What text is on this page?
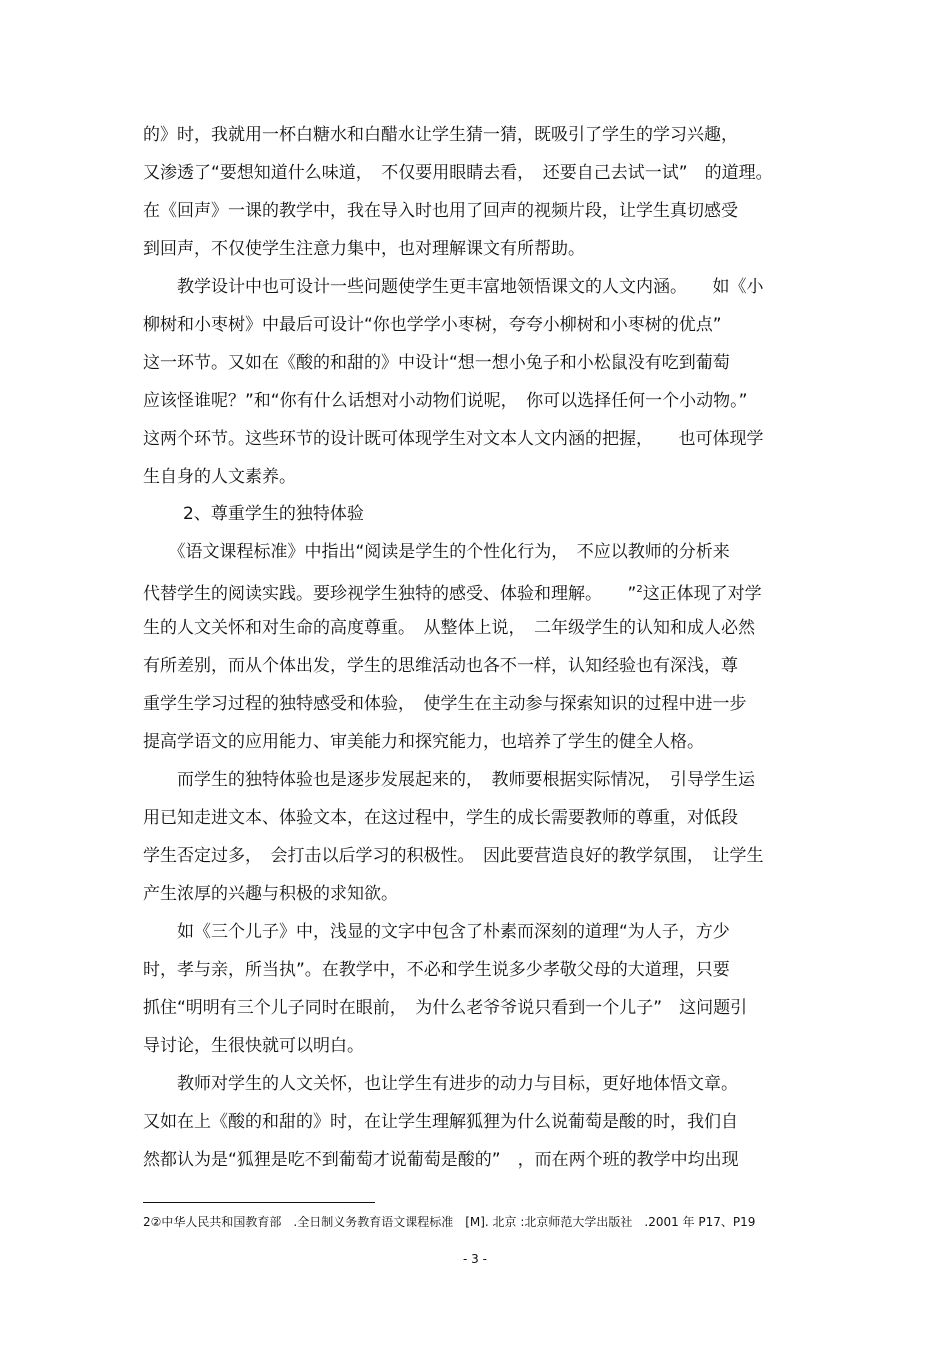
的》时，我就用一杯白糖水和白醋水让学生猜一猜，既吸引了学生的学习兴趣，
又渗透了“要想知道什么味道，　不仅要用眼睛去看，　还要自己去试一试”　的道理。
在《回声》一课的教学中，我在导入时也用了回声的视频片段，让学生真切感受
到回声，不仅使学生注意力集中，也对理解课文有所帮助。
　　教学设计中也可设计一些问题使学生更丰富地领悟课文的人文内涵。　　如《小
柳树和小枣树》中最后可设计“你也学学小枣树，夸夸小柳树和小枣树的优点”
这一环节。又如在《酸的和甜的》中设计“想一想小兔子和小松鼠没有吃到葡萄
应该怪谁呢？”和“你有什么话想对小动物们说呢，　你可以选择任何一个小动物。”
这两个环节。这些环节的设计既可体现学生对文本人文内涵的把握，　　也可体现学
生自身的人文素养。
2、尊重学生的独特体验
　　《语文课程标准》中指出“阅读是学生的个性化行为，　不应以教师的分析来
代替学生的阅读实践。要珍视学生独特的感受、体验和理解。　　”$^2$这正体现了对学
生的人文关怀和对生命的高度尊重。　从整体上说，　二年级学生的认知和成人必然
有所差别，而从个体出发，学生的思维活动也各不一样，认知经验也有深浅，尊
重学生学习过程的独特感受和体验，　使学生在主动参与探索知识的过程中进一步
提高学语文的应用能力、审美能力和探究能力，也培养了学生的健全人格。
　　而学生的独特体验也是逐步发展起来的，　教师要根据实际情况，　引导学生运
用已知走进文本、体验文本，在这过程中，学生的成长需要教师的尊重，对低段
学生否定过多，　会打击以后学习的积极性。　因此要营造良好的教学氛围，　让学生
产生浓厚的兴趣与积极的求知欲。
　　如《三个儿子》中，浅显的文字中包含了朴素而深刻的道理“为人子，方少
时，孝与亲，所当执”。在教学中，不必和学生说多少孝敬父母的大道理，只要
抓住“明明有三个儿子同时在眼前，　为什么老爷爷说只看到一个儿子”　这问题引
导讨论，生很快就可以明白。
　　教师对学生的人文关怀，也让学生有进步的动力与目标，更好地体悟文章。
又如在上《酸的和甜的》时，在让学生理解狐狸为什么说葡萄是酸的时，我们自
然都认为是“狐狸是吃不到葡萄才说葡萄是酸的”　，而在两个班的教学中均出现
2②中华人民共和国教育部　.全日制义务教育语文课程标准　[M]. 北京 :北京师范大学出版社　.2001 年 P17、P19
- 3 -
